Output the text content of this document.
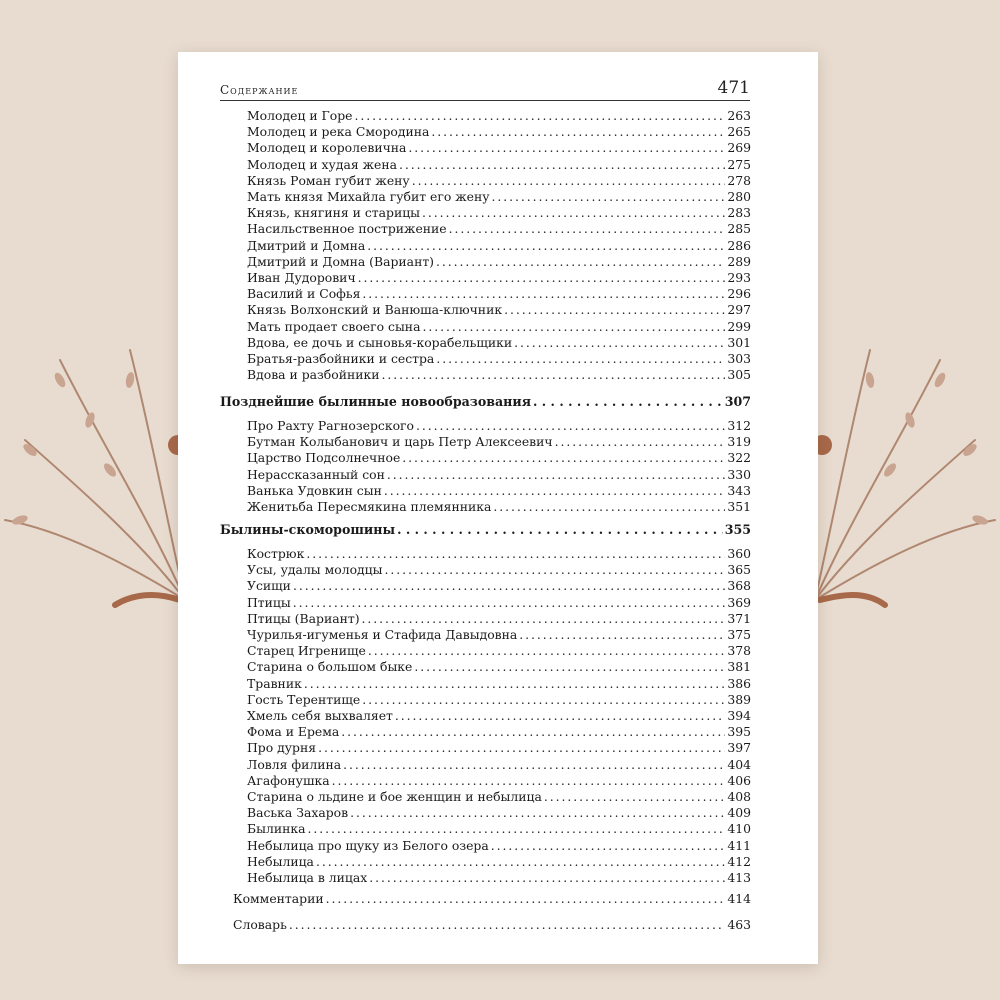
Содержание	471
Молодец и Горе . . .	263
Молодец и река Смородина . . .	265
Молодец и королевична . . .	269
Молодец и худая жена . . .	275
Князь Роман губит жену . . .	278
Мать князя Михайла губит его жену . . .	280
Князь, княгиня и старицы . . .	283
Насильственное пострижение . . .	285
Дмитрий и Домна . . .	286
Дмитрий и Домна (Вариант) . . .	289
Иван Дудорович . . .	293
Василий и Софья . . .	296
Князь Волхонский и Ванюша-ключник . . .	297
Мать продает своего сына . . .	299
Вдова, ее дочь и сыновья-корабельщики . . .	301
Братья-разбойники и сестра . . .	303
Вдова и разбойники . . .	305
Позднейшие былинные новообразования . . .	307
Про Рахту Рагнозерского . . .	312
Бутман Колыбанович и царь Петр Алексеевич . . .	319
Царство Подсолнечное . . .	322
Нерассказанный сон . . .	330
Ванька Удовкин сын . . .	343
Женитьба Пересмякина племянника . . .	351
Былины-скоморошины . . .	355
Кострюк . . .	360
Усы, удалы молодцы . . .	365
Усищи . . .	368
Птицы . . .	369
Птицы (Вариант) . . .	371
Чурилья-игуменья и Стафида Давыдовна . . .	375
Старец Игренище . . .	378
Старина о большом быке . . .	381
Травник . . .	386
Гость Терентище . . .	389
Хмель себя выхваляет . . .	394
Фома и Ерема . . .	395
Про дурня . . .	397
Ловля филина . . .	404
Агафонушка . . .	406
Старина о льдине и бое женщин и небылица . . .	408
Васька Захаров . . .	409
Былинка . . .	410
Небылица про щуку из Белого озера . . .	411
Небылица . . .	412
Небылица в лицах . . .	413
Комментарии . . .	414
Словарь . . .	463
